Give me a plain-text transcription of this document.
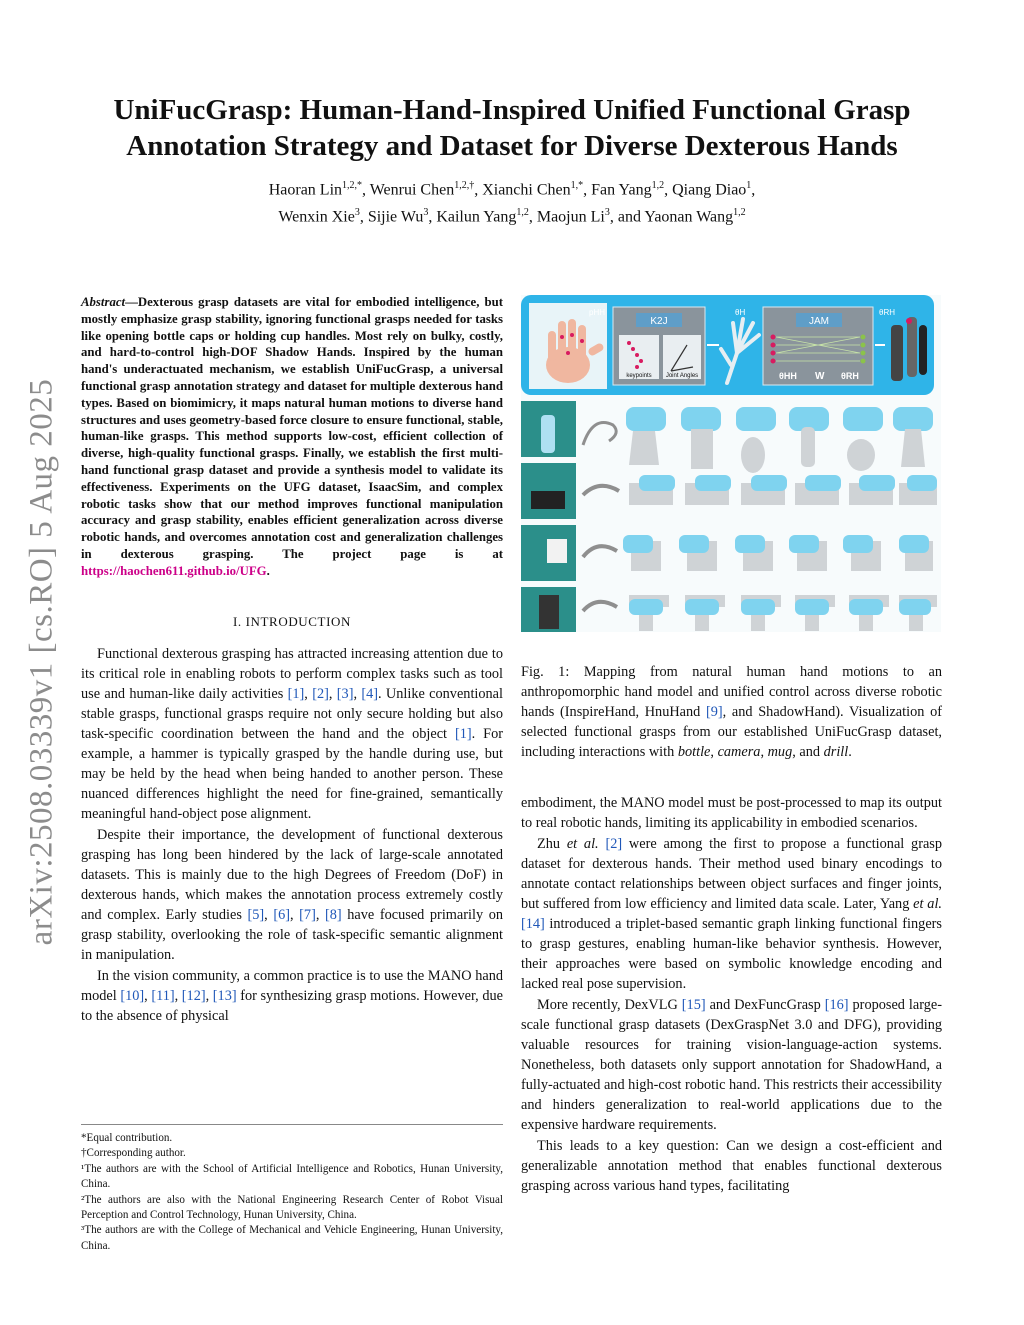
arXiv:2508.03339v1 [cs.RO] 5 Aug 2025
UniFucGrasp: Human-Hand-Inspired Unified Functional Grasp
Annotation Strategy and Dataset for Diverse Dexterous Hands
Haoran Lin$^{1,2,*}$, Wenrui Chen$^{1,2,\dagger}$, Xianchi Chen$^{1,*}$, Fan Yang$^{1,2}$, Qiang Diao$^1$,
Wenxin Xie$^3$, Sijie Wu$^3$, Kailun Yang$^{1,2}$, Maojun Li$^3$, and Yaonan Wang$^{1,2}$
Abstract—Dexterous grasp datasets are vital for embodied intelligence, but mostly emphasize grasp stability, ignoring functional grasps needed for tasks like opening bottle caps or holding cup handles. Most rely on bulky, costly, and hard-to-control high-DOF Shadow Hands. Inspired by the human hand's underactuated mechanism, we establish UniFucGrasp, a universal functional grasp annotation strategy and dataset for multiple dexterous hand types. Based on biomimicry, it maps natural human motions to diverse hand structures and uses geometry-based force closure to ensure functional, stable, human-like grasps. This method supports low-cost, efficient collection of diverse, high-quality functional grasps. Finally, we establish the first multi-hand functional grasp dataset and provide a synthesis model to validate its effectiveness. Experiments on the UFG dataset, IsaacSim, and complex robotic tasks show that our method improves functional manipulation accuracy and grasp stability, enables efficient generalization across diverse robotic hands, and overcomes annotation cost and generalization challenges in dexterous grasping. The project page is at https://haochen611.github.io/UFG.
I. INTRODUCTION

Functional dexterous grasping has attracted increasing attention due to its critical role in enabling robots to perform complex tasks such as tool use and human-like daily activities [1], [2], [3], [4]. Unlike conventional stable grasps, functional grasps require not only secure holding but also task-specific coordination between the hand and the object [1]. For example, a hammer is typically grasped by the handle during use, but may be held by the head when being handed to another person. These nuanced differences highlight the need for fine-grained, semantically meaningful hand-object pose alignment.

Despite their importance, the development of functional dexterous grasping has long been hindered by the lack of large-scale annotated datasets. This is mainly due to the high Degrees of Freedom (DoF) in dexterous hands, which makes the annotation process extremely costly and complex. Early studies [5], [6], [7], [8] have focused primarily on grasp stability, overlooking the role of task-specific semantic alignment in manipulation.

In the vision community, a common practice is to use the MANO hand model [10], [11], [12], [13] for synthesizing grasp motions. However, due to the absence of physical

*Equal contribution.
†Corresponding author.
¹The authors are with the School of Artificial Intelligence and Robotics, Hunan University, China.
²The authors are also with the National Engineering Research Center of Robot Visual Perception and Control Technology, Hunan University, China.
³The authors are with the College of Mechanical and Vehicle Engineering, Hunan University, China.
pHH
K2J
keypoints Joint Angles
θH
JAM
θHH W θRH
θRH
Fig. 1: Mapping from natural human hand motions to an anthropomorphic hand model and unified control across diverse robotic hands (InspireHand, HnuHand [9], and ShadowHand). Visualization of selected functional grasps from our established UniFucGrasp dataset, including interactions with bottle, camera, mug, and drill.

embodiment, the MANO model must be post-processed to map its output to real robotic hands, limiting its applicability in embodied scenarios.

Zhu et al. [2] were among the first to propose a functional grasp dataset for dexterous hands. Their method used binary encodings to annotate contact relationships between object surfaces and finger joints, but suffered from low efficiency and limited data scale. Later, Yang et al. [14] introduced a triplet-based semantic graph linking functional fingers to grasp gestures, enabling human-like behavior synthesis. However, their approaches were based on symbolic knowledge encoding and lacked real pose supervision.

More recently, DexVLG [15] and DexFuncGrasp [16] proposed large-scale functional grasp datasets (DexGraspNet 3.0 and DFG), providing valuable resources for training vision-language-action systems. Nonetheless, both datasets only support annotation for ShadowHand, a fully-actuated and high-cost robotic hand. This restricts their accessibility and hinders generalization to real-world applications due to the expensive hardware requirements.

This leads to a key question: Can we design a cost-efficient and generalizable annotation method that enables functional dexterous grasping across various hand types, facilitating
